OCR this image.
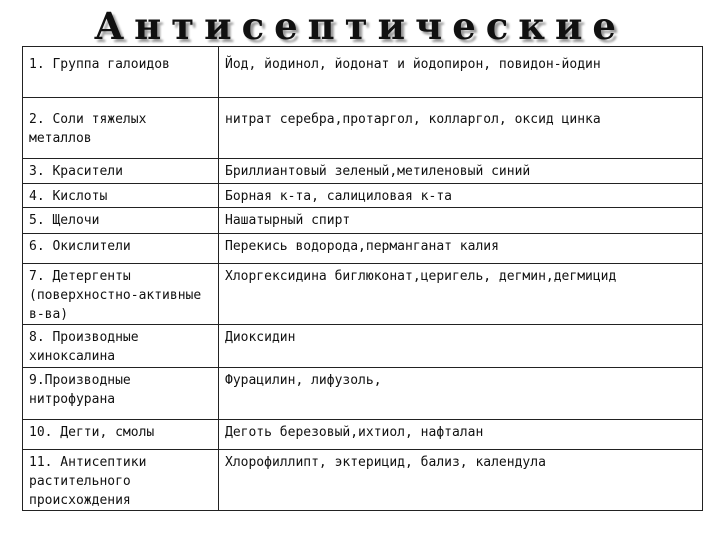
Антисептические
1. Группа галоидов	Йод, йодинол, йодонат и йодопирон, повидон-йодин
2. Соли тяжелых металлов	нитрат серебра,протаргол, колларгол, оксид цинка
3. Красители	Бриллиантовый зеленый,метиленовый синий
4. Кислоты	Борная к-та, салициловая к-та
5. Щелочи	Нашатырный спирт
6. Окислители	Перекись водорода,перманганат калия
7. Детергенты (поверхностно-активные в-ва)	Хлоргексидина биглюконат,церигель, дегмин,дегмицид
8. Производные хиноксалина	Диоксидин
9.Производные нитрофурана	Фурацилин, лифузоль,
10. Дегти, смолы	Деготь березовый,ихтиол, нафталан
11. Антисептики растительного происхождения	Хлорофиллипт, эктерицид, бализ, календула
